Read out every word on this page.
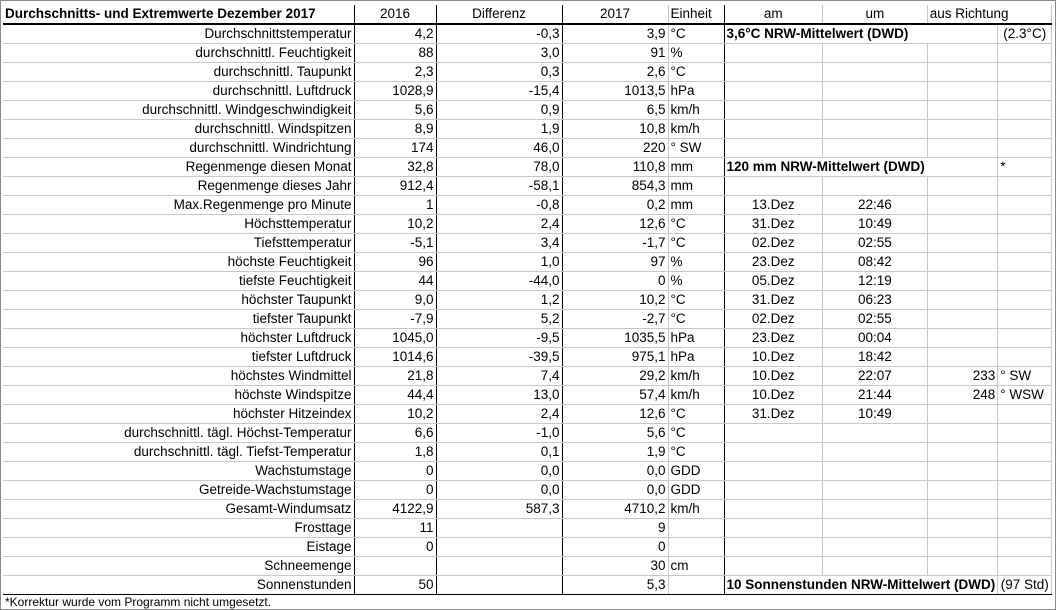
Durchschnitts- und Extremwerte Dezember 2017	2016	Differenz	2017	Einheit	am	um	aus Richtung	
Durchschnittstemperatur	4,2	-0,3	3,9	°C	3,6°C NRW-Mittelwert (DWD)			(2.3°C)
durchschnittl. Feuchtigkeit	88	3,0	91	%				
durchschnittl. Taupunkt	2,3	0,3	2,6	°C				
durchschnittl. Luftdruck	1028,9	-15,4	1013,5	hPa				
durchschnittl. Windgeschwindigkeit	5,6	0,9	6,5	km/h				
durchschnittl. Windspitzen	8,9	1,9	10,8	km/h				
durchschnittl. Windrichtung	174	46,0	220	° SW				
Regenmenge diesen Monat	32,8	78,0	110,8	mm	120 mm NRW-Mittelwert (DWD)			*
Regenmenge dieses Jahr	912,4	-58,1	854,3	mm				
Max.Regenmenge pro Minute	1	-0,8	0,2	mm	13.Dez	22:46		
Höchsttemperatur	10,2	2,4	12,6	°C	31.Dez	10:49		
Tiefsttemperatur	-5,1	3,4	-1,7	°C	02.Dez	02:55		
höchste Feuchtigkeit	96	1,0	97	%	23.Dez	08:42		
tiefste Feuchtigkeit	44	-44,0	0	%	05.Dez	12:19		
höchster Taupunkt	9,0	1,2	10,2	°C	31.Dez	06:23		
tiefster Taupunkt	-7,9	5,2	-2,7	°C	02.Dez	02:55		
höchster Luftdruck	1045,0	-9,5	1035,5	hPa	23.Dez	00:04		
tiefster Luftdruck	1014,6	-39,5	975,1	hPa	10.Dez	18:42		
höchstes Windmittel	21,8	7,4	29,2	km/h	10.Dez	22:07	233	° SW
höchste Windspitze	44,4	13,0	57,4	km/h	10.Dez	21:44	248	° WSW
höchster Hitzeindex	10,2	2,4	12,6	°C	31.Dez	10:49		
durchschnittl. tägl. Höchst-Temperatur	6,6	-1,0	5,6	°C				
durchschnittl. tägl. Tiefst-Temperatur	1,8	0,1	1,9	°C				
Wachstumstage	0	0,0	0,0	GDD				
Getreide-Wachstumstage	0	0,0	0,0	GDD				
Gesamt-Windumsatz	4122,9	587,3	4710,2	km/h				
Frosttage	11		9					
Eistage	0		0					
Schneemenge			30	cm				
Sonnenstunden	50		5,3		10 Sonnenstunden NRW-Mittelwert (DWD)			(97 Std)
*Korrektur wurde vom Programm nicht umgesetzt.
